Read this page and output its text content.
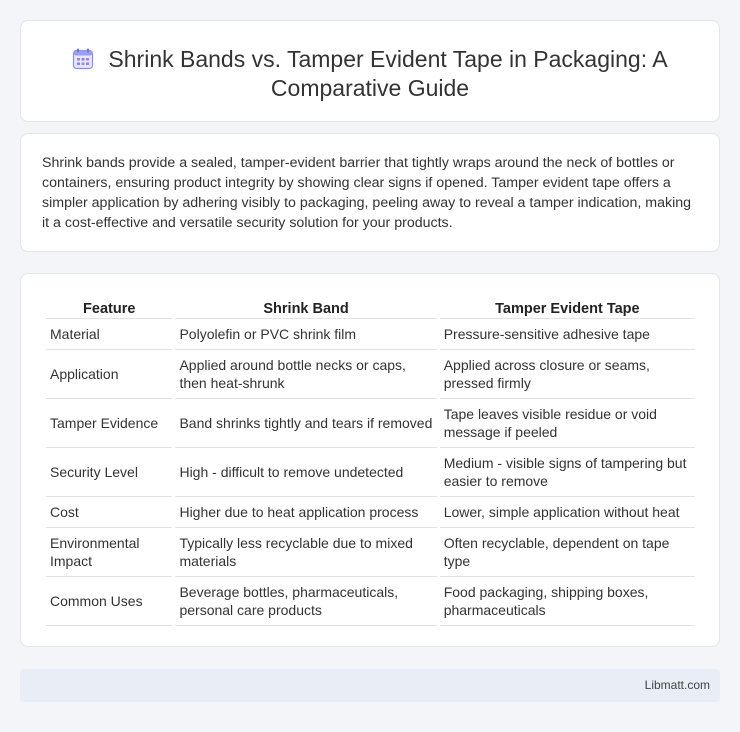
Shrink Bands vs. Tamper Evident Tape in Packaging: A Comparative Guide

Shrink bands provide a sealed, tamper-evident barrier that tightly wraps around the neck of bottles or containers, ensuring product integrity by showing clear signs if opened. Tamper evident tape offers a simpler application by adhering visibly to packaging, peeling away to reveal a tamper indication, making it a cost-effective and versatile security solution for your products.

Feature	Shrink Band	Tamper Evident Tape
Material	Polyolefin or PVC shrink film	Pressure-sensitive adhesive tape
Application	Applied around bottle necks or caps, then heat-shrunk	Applied across closure or seams, pressed firmly
Tamper Evidence	Band shrinks tightly and tears if removed	Tape leaves visible residue or void message if peeled
Security Level	High - difficult to remove undetected	Medium - visible signs of tampering but easier to remove
Cost	Higher due to heat application process	Lower, simple application without heat
Environmental Impact	Typically less recyclable due to mixed materials	Often recyclable, dependent on tape type
Common Uses	Beverage bottles, pharmaceuticals, personal care products	Food packaging, shipping boxes, pharmaceuticals
Libmatt.com
